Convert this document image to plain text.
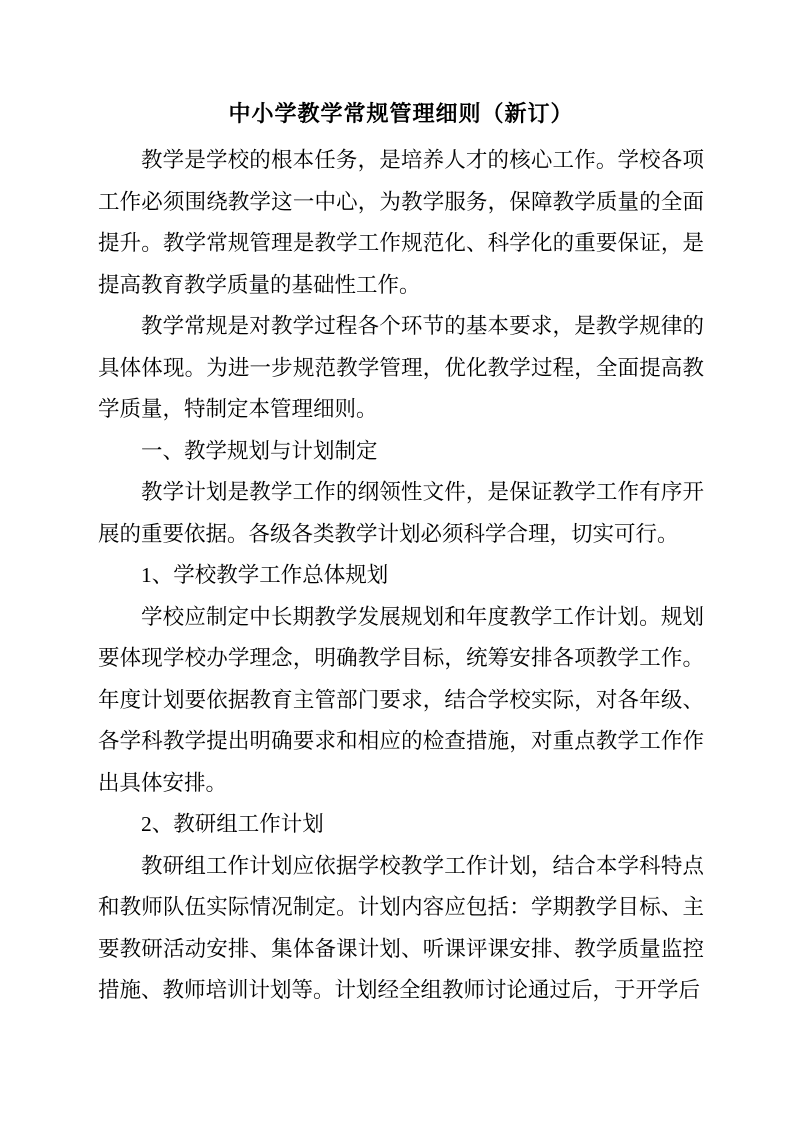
中小学教学常规管理细则（新订）

教学是学校的根本任务，是培养人才的核心工作。学校各项工作必须围绕教学这一中心，为教学服务，保障教学质量的全面提升。教学常规管理是教学工作规范化、科学化的重要保证，是提高教育教学质量的基础性工作。

教学常规是对教学过程各个环节的基本要求，是教学规律的具体体现。为进一步规范教学管理，优化教学过程，全面提高教学质量，特制定本管理细则。

一、教学规划与计划制定

教学计划是教学工作的纲领性文件，是保证教学工作有序开展的重要依据。各级各类教学计划必须科学合理，切实可行。

1、学校教学工作总体规划

学校应制定中长期教学发展规划和年度教学工作计划。规划要体现学校办学理念，明确教学目标，统筹安排各项教学工作。年度计划要依据教育主管部门要求，结合学校实际，对各年级、各学科教学提出明确要求和相应的检查措施，对重点教学工作作出具体安排。

2、教研组工作计划

教研组工作计划应依据学校教学工作计划，结合本学科特点和教师队伍实际情况制定。计划内容应包括：学期教学目标、主要教研活动安排、集体备课计划、听课评课安排、教学质量监控措施、教师培训计划等。计划经全组教师讨论通过后，于开学后
